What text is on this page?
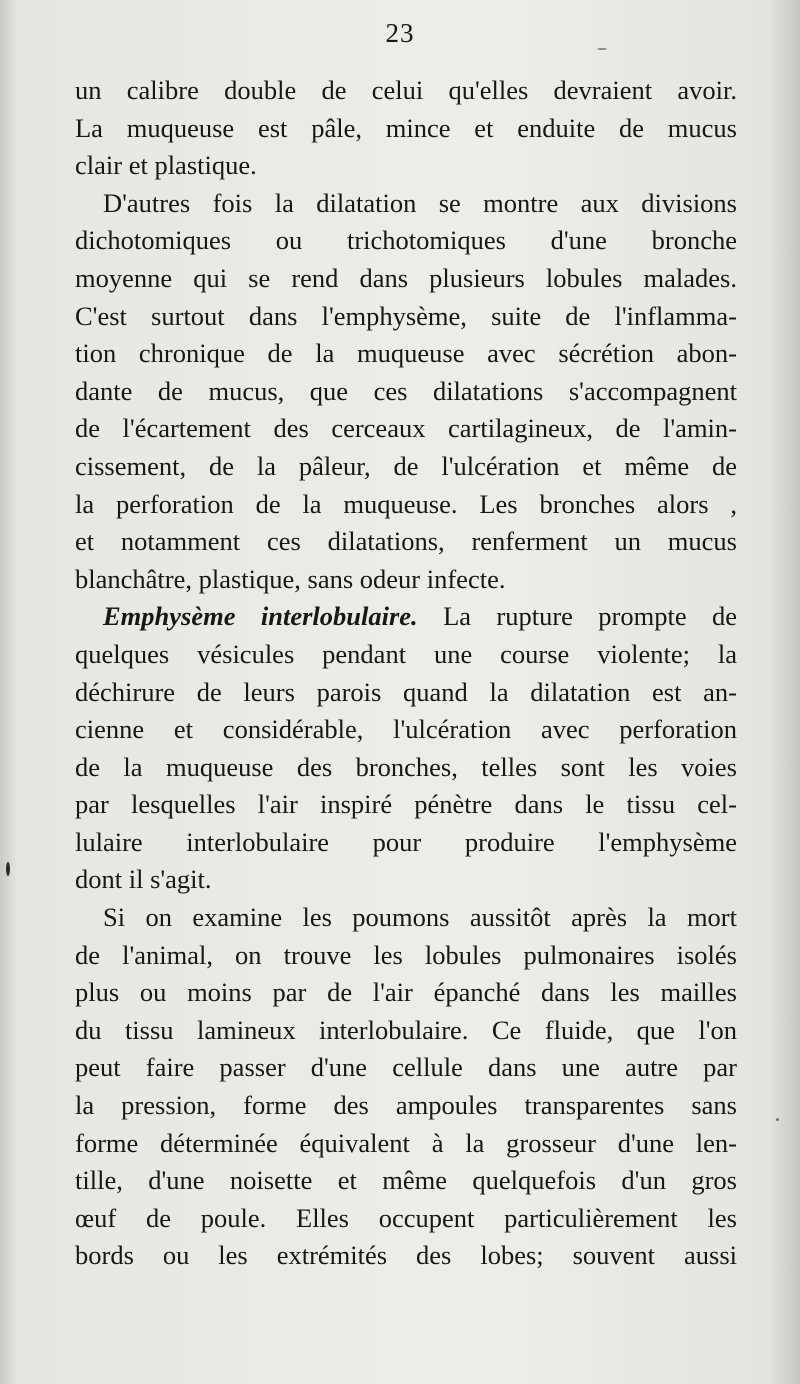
23
un calibre double de celui qu'elles devraient avoir.
La muqueuse est pâle, mince et enduite de mucus
clair et plastique.
D'autres fois la dilatation se montre aux divisions
dichotomiques ou trichotomiques d'une bronche
moyenne qui se rend dans plusieurs lobules malades.
C'est surtout dans l'emphysème, suite de l'inflamma-
tion chronique de la muqueuse avec sécrétion abon-
dante de mucus, que ces dilatations s'accompagnent
de l'écartement des cerceaux cartilagineux, de l'amin-
cissement, de la pâleur, de l'ulcération et même de
la perforation de la muqueuse. Les bronches alors ,
et notamment ces dilatations, renferment un mucus
blanchâtre, plastique, sans odeur infecte.
Emphysème interlobulaire. La rupture prompte de
quelques vésicules pendant une course violente; la
déchirure de leurs parois quand la dilatation est an-
cienne et considérable, l'ulcération avec perforation
de la muqueuse des bronches, telles sont les voies
par lesquelles l'air inspiré pénètre dans le tissu cel-
lulaire interlobulaire pour produire l'emphysème
dont il s'agit.
Si on examine les poumons aussitôt après la mort
de l'animal, on trouve les lobules pulmonaires isolés
plus ou moins par de l'air épanché dans les mailles
du tissu lamineux interlobulaire. Ce fluide, que l'on
peut faire passer d'une cellule dans une autre par
la pression, forme des ampoules transparentes sans
forme déterminée équivalent à la grosseur d'une len-
tille, d'une noisette et même quelquefois d'un gros
œuf de poule. Elles occupent particulièrement les
bords ou les extrémités des lobes; souvent aussi
